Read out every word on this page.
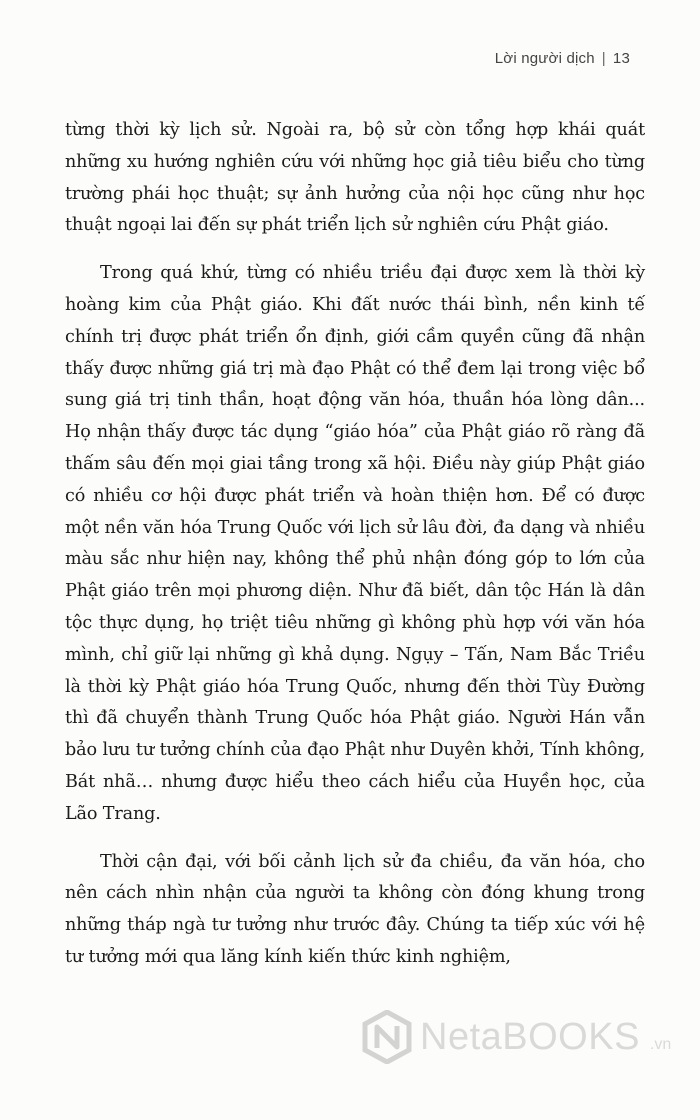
Lời người dịch | 13

từng thời kỳ lịch sử. Ngoài ra, bộ sử còn tổng hợp khái quát những xu hướng nghiên cứu với những học giả tiêu biểu cho từng trường phái học thuật; sự ảnh hưởng của nội học cũng như học thuật ngoại lai đến sự phát triển lịch sử nghiên cứu Phật giáo.

Trong quá khứ, từng có nhiều triều đại được xem là thời kỳ hoàng kim của Phật giáo. Khi đất nước thái bình, nền kinh tế chính trị được phát triển ổn định, giới cầm quyền cũng đã nhận thấy được những giá trị mà đạo Phật có thể đem lại trong việc bổ sung giá trị tinh thần, hoạt động văn hóa, thuần hóa lòng dân... Họ nhận thấy được tác dụng “giáo hóa” của Phật giáo rõ ràng đã thấm sâu đến mọi giai tầng trong xã hội. Điều này giúp Phật giáo có nhiều cơ hội được phát triển và hoàn thiện hơn. Để có được một nền văn hóa Trung Quốc với lịch sử lâu đời, đa dạng và nhiều màu sắc như hiện nay, không thể phủ nhận đóng góp to lớn của Phật giáo trên mọi phương diện. Như đã biết, dân tộc Hán là dân tộc thực dụng, họ triệt tiêu những gì không phù hợp với văn hóa mình, chỉ giữ lại những gì khả dụng. Ngụy – Tấn, Nam Bắc Triều là thời kỳ Phật giáo hóa Trung Quốc, nhưng đến thời Tùy Đường thì đã chuyển thành Trung Quốc hóa Phật giáo. Người Hán vẫn bảo lưu tư tưởng chính của đạo Phật như Duyên khởi, Tính không, Bát nhã… nhưng được hiểu theo cách hiểu của Huyền học, của Lão Trang.

Thời cận đại, với bối cảnh lịch sử đa chiều, đa văn hóa, cho nên cách nhìn nhận của người ta không còn đóng khung trong những tháp ngà tư tưởng như trước đây. Chúng ta tiếp xúc với hệ tư tưởng mới qua lăng kính kiến thức kinh nghiệm,

NetaBOOKS .vn
